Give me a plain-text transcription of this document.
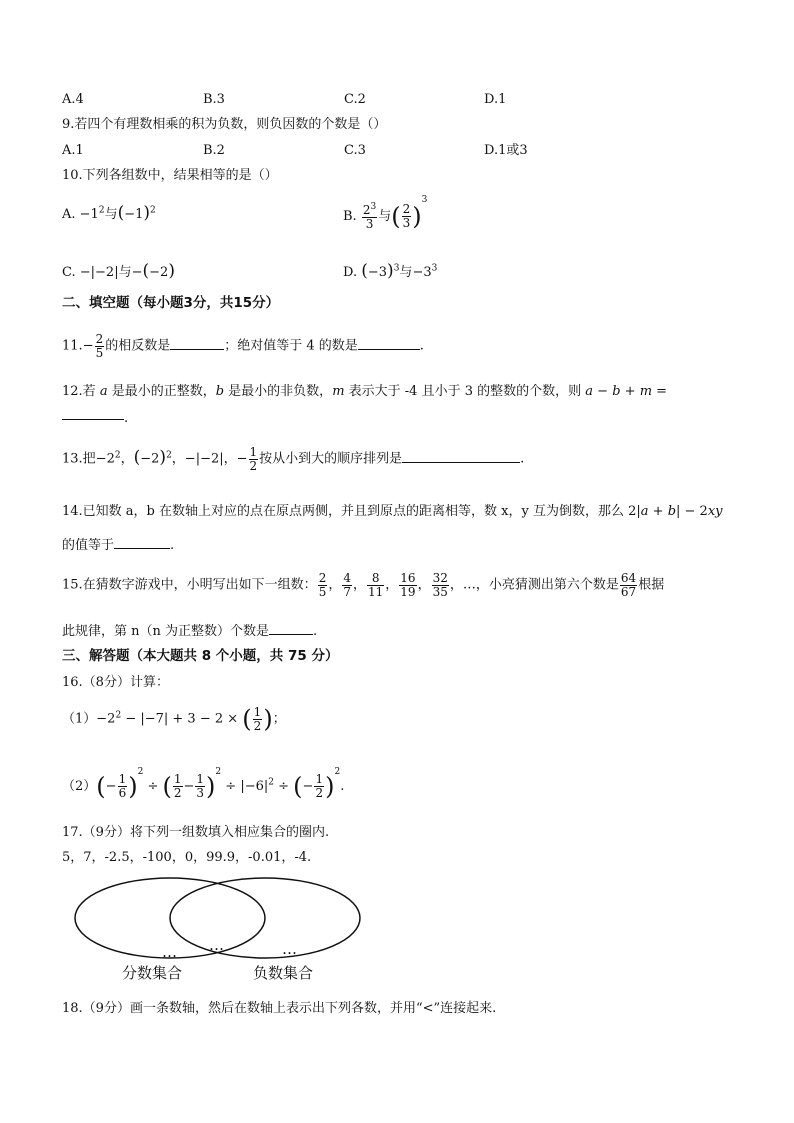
A.4	B.3	C.2	D.1
9.若四个有理数相乘的积为负数，则负因数的个数是（）
A.1	B.2	C.3	D.1或3
10.下列各组数中，结果相等的是（）
A. $-1^2$与$(-1)^2$	B. $\frac{2^3}{3}$ 与( $\frac{2}{3} )^3$
C. −|−2|与−(−2)	D. $(-3)^3$与$-3^3$
二、填空题（每小题3分，共15分）
$11.- \frac{2}{5}$ 的相反数是	；绝对值等于 4 的数是	.
12.若 a 是最小的正整数，b 是最小的非负数，m 表示大于 -4 且小于 3 的整数的个数，则 a − b + m =
.
13.把$-2^2$，$(-2)^2$，−|−2|，− $\frac{1}{2}$ 按从小到大的顺序排列是	.
14.已知数 a，b 在数轴上对应的点在原点两侧，并且到原点的距离相等，数 x，y 互为倒数，那么 2|a + b| − 2xy
的值等于	.
15.在猜数字游戏中，小明写出如下一组数： $\frac{2}{5}$ ， $\frac{4}{7}$ ， $\frac{8}{11}$ ， $\frac{16}{19}$ ， $\frac{32}{35}$ ，…，小亮猜测出第六个数是 $\frac{64}{67}$ 根据
此规律，第 n（n 为正整数）个数是	.
三、解答题（本大题共 8 个小题，共 75 分）
16.（8分）计算：
$(1)-2^2 - |-7| + 3 - 2$ × ( $\frac{1}{2}$ )；
$(2)(- \frac{1}{6} )^2$ ÷ ( $\frac{1}{2} - \frac{1}{3} )^2 \div |-6|^2$ ÷ (− $\frac{1}{2} )^2$.
17.（9分）将下列一组数填入相应集合的圈内.
5，7，-2.5，-100，0，99.9，-0.01，-4.
… …	…
分数集合	负数集合
18.（9分）画一条数轴，然后在数轴上表示出下列各数，并用“<”连接起来.
